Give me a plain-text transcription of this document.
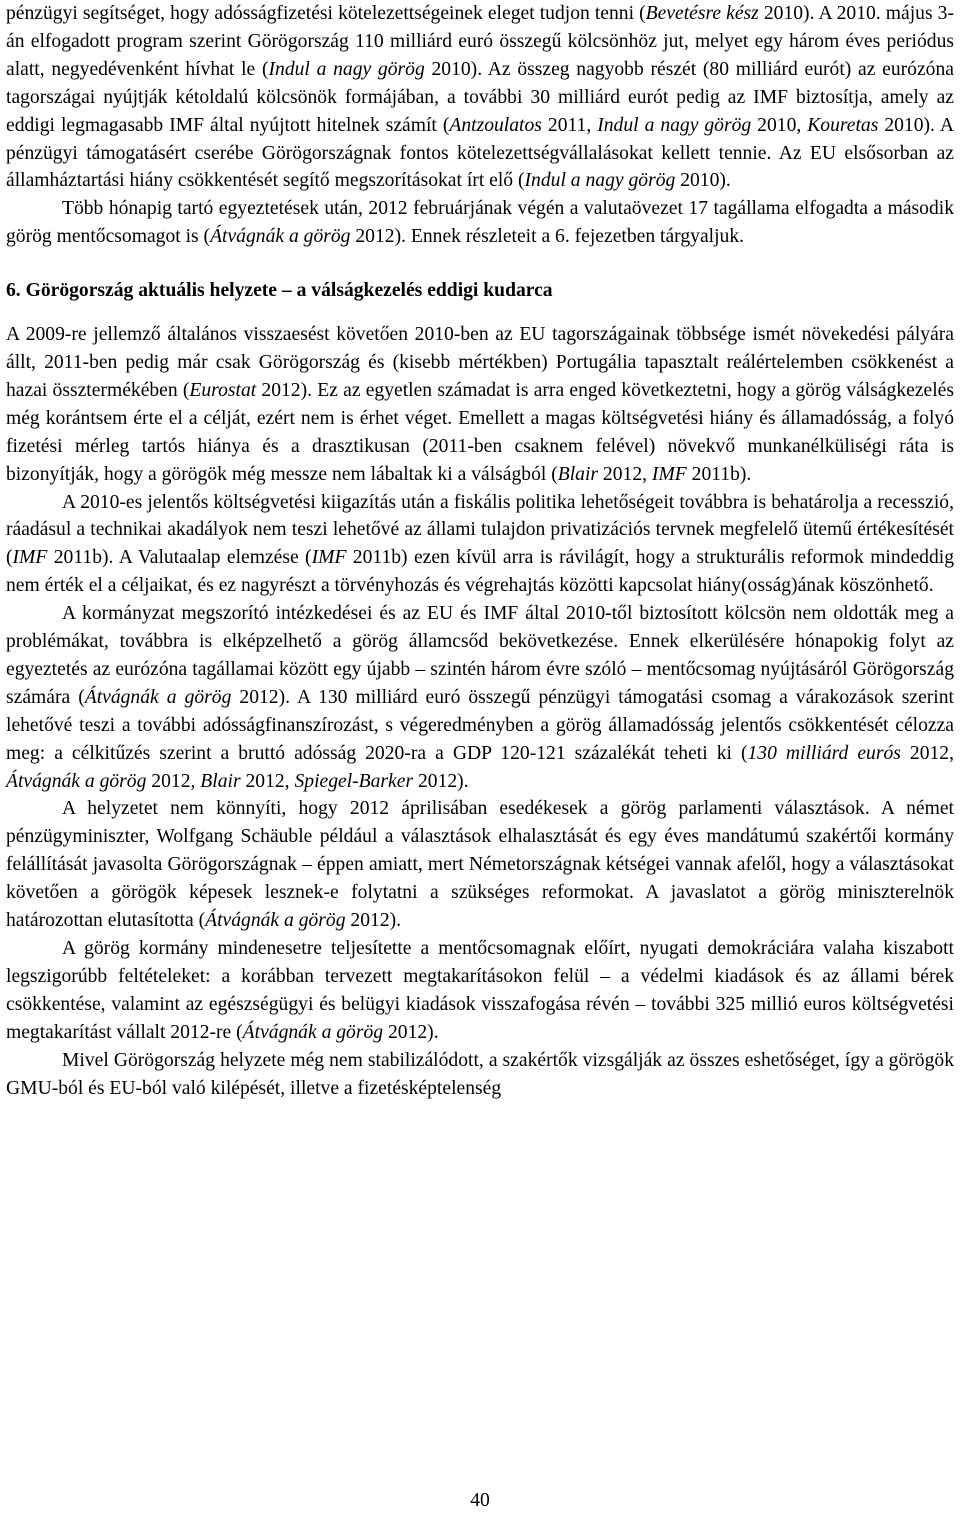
pénzügyi segítséget, hogy adósságfizetési kötelezettségeinek eleget tudjon tenni (Bevetésre kész 2010). A 2010. május 3-án elfogadott program szerint Görögország 110 milliárd euró összegű kölcsönhöz jut, melyet egy három éves periódus alatt, negyedévenként hívhat le (Indul a nagy görög 2010). Az összeg nagyobb részét (80 milliárd eurót) az eurózóna tagországai nyújtják kétoldalú kölcsönök formájában, a további 30 milliárd eurót pedig az IMF biztosítja, amely az eddigi legmagasabb IMF által nyújtott hitelnek számít (Antzoulatos 2011, Indul a nagy görög 2010, Kouretas 2010). A pénzügyi támogatásért cserébe Görögországnak fontos kötelezettségvállalásokat kellett tennie. Az EU elsősorban az államháztartási hiány csökkentését segítő megszorításokat írt elő (Indul a nagy görög 2010).

Több hónapig tartó egyeztetések után, 2012 februárjának végén a valutaövezet 17 tagállama elfogadta a második görög mentőcsomagot is (Átvágnák a görög 2012). Ennek részleteit a 6. fejezetben tárgyaljuk.

6. Görögország aktuális helyzete – a válságkezelés eddigi kudarca

A 2009-re jellemző általános visszaesést követően 2010-ben az EU tagországainak többsége ismét növekedési pályára állt, 2011-ben pedig már csak Görögország és (kisebb mértékben) Portugália tapasztalt reálértelemben csökkenést a hazai össztermékében (Eurostat 2012). Ez az egyetlen számadat is arra enged következtetni, hogy a görög válságkezelés még korántsem érte el a célját, ezért nem is érhet véget. Emellett a magas költségvetési hiány és államadósság, a folyó fizetési mérleg tartós hiánya és a drasztikusan (2011-ben csaknem felével) növekvő munkanélküliségi ráta is bizonyítják, hogy a görögök még messze nem lábaltak ki a válságból (Blair 2012, IMF 2011b).

A 2010-es jelentős költségvetési kiigazítás után a fiskális politika lehetőségeit továbbra is behatárolja a recesszió, ráadásul a technikai akadályok nem teszi lehetővé az állami tulajdon privatizációs tervnek megfelelő ütemű értékesítését (IMF 2011b). A Valutaalap elemzése (IMF 2011b) ezen kívül arra is rávilágít, hogy a strukturális reformok mindeddig nem érték el a céljaikat, és ez nagyrészt a törvényhozás és végrehajtás közötti kapcsolat hiány(osság)ának köszönhető.

A kormányzat megszorító intézkedései és az EU és IMF által 2010-től biztosított kölcsön nem oldották meg a problémákat, továbbra is elképzelhető a görög államcsőd bekövetkezése. Ennek elkerülésére hónapokig folyt az egyeztetés az eurózóna tagállamai között egy újabb – szintén három évre szóló – mentőcsomag nyújtásáról Görögország számára (Átvágnák a görög 2012). A 130 milliárd euró összegű pénzügyi támogatási csomag a várakozások szerint lehetővé teszi a további adósságfinanszírozást, s végeredményben a görög államadósság jelentős csökkentését célozza meg: a célkitűzés szerint a bruttó adósság 2020-ra a GDP 120-121 százalékát teheti ki (130 milliárd eurós 2012, Átvágnák a görög 2012, Blair 2012, Spiegel-Barker 2012).

A helyzetet nem könnyíti, hogy 2012 áprilisában esedékesek a görög parlamenti választások. A német pénzügyminiszter, Wolfgang Schäuble például a választások elhalasztását és egy éves mandátumú szakértői kormány felállítását javasolta Görögországnak – éppen amiatt, mert Németországnak kétségei vannak afelől, hogy a választásokat követően a görögök képesek lesznek-e folytatni a szükséges reformokat. A javaslatot a görög miniszterelnök határozottan elutasította (Átvágnák a görög 2012).

A görög kormány mindenesetre teljesítette a mentőcsomagnak előírt, nyugati demokráciára valaha kiszabott legszigorúbb feltételeket: a korábban tervezett megtakarításokon felül – a védelmi kiadások és az állami bérek csökkentése, valamint az egészségügyi és belügyi kiadások visszafogása révén – további 325 millió euros költségvetési megtakarítást vállalt 2012-re (Átvágnák a görög 2012).

Mivel Görögország helyzete még nem stabilizálódott, a szakértők vizsgálják az összes eshetőséget, így a görögök GMU-ból és EU-ból való kilépését, illetve a fizetésképtelenség

40
